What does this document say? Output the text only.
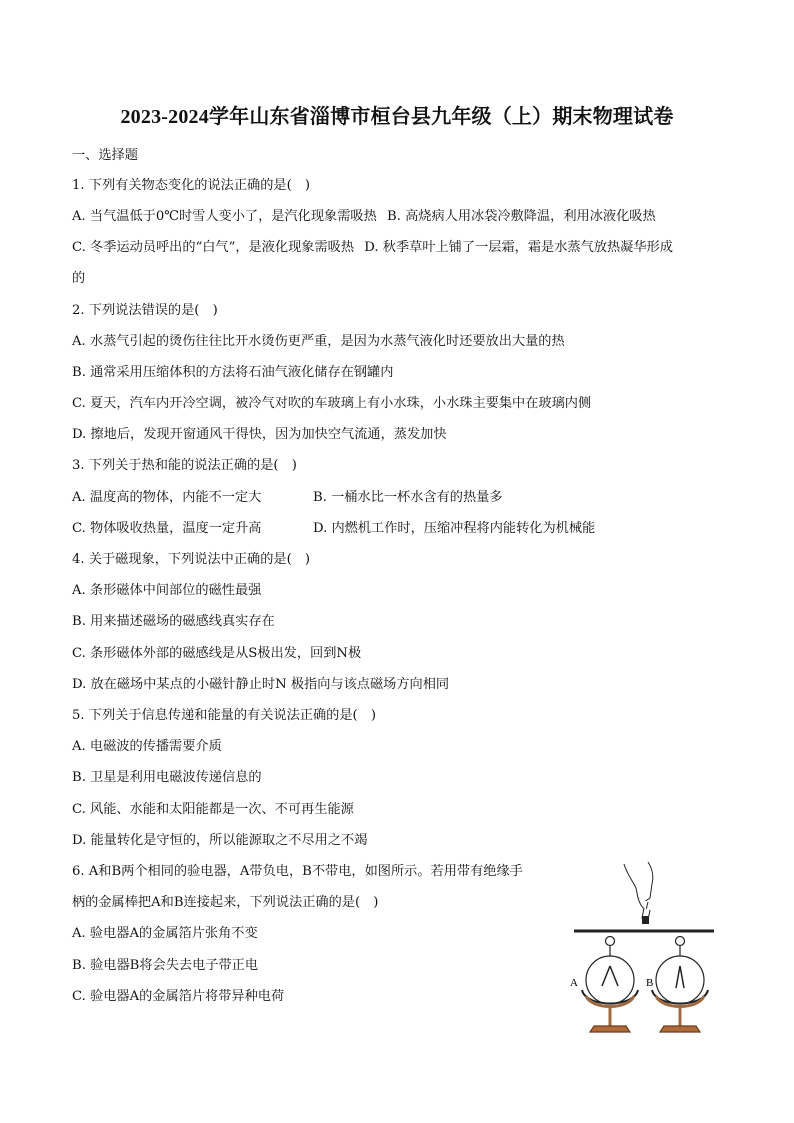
2023-2024学年山东省淄博市桓台县九年级（上）期末物理试卷
一、选择题
1. 下列有关物态变化的说法正确的是(　)
A. 当气温低于0℃时雪人变小了，是汽化现象需吸热 B. 高烧病人用冰袋冷敷降温，利用冰液化吸热
C. 冬季运动员呼出的“白气”，是液化现象需吸热 D. 秋季草叶上铺了一层霜，霜是水蒸气放热凝华形成
的
2. 下列说法错误的是(　)
A. 水蒸气引起的烫伤往往比开水烫伤更严重，是因为水蒸气液化时还要放出大量的热
B. 通常采用压缩体积的方法将石油气液化储存在钢罐内
C. 夏天，汽车内开冷空调，被冷气对吹的车玻璃上有小水珠，小水珠主要集中在玻璃内侧
D. 擦地后，发现开窗通风干得快，因为加快空气流通，蒸发加快
3. 下列关于热和能的说法正确的是(　)
A. 温度高的物体，内能不一定大	B. 一桶水比一杯水含有的热量多
C. 物体吸收热量，温度一定升高	D. 内燃机工作时，压缩冲程将内能转化为机械能
4. 关于磁现象，下列说法中正确的是(　)
A. 条形磁体中间部位的磁性最强
B. 用来描述磁场的磁感线真实存在
C. 条形磁体外部的磁感线是从S极出发，回到N极
D. 放在磁场中某点的小磁针静止时N 极指向与该点磁场方向相同
5. 下列关于信息传递和能量的有关说法正确的是(　)
A. 电磁波的传播需要介质
B. 卫星是利用电磁波传递信息的
C. 风能、水能和太阳能都是一次、不可再生能源
D. 能量转化是守恒的，所以能源取之不尽用之不竭
6. A和B两个相同的验电器，A带负电，B不带电，如图所示。若用带有绝缘手
柄的金属棒把A和B连接起来，下列说法正确的是(　)
A. 验电器A的金属箔片张角不变
B. 验电器B将会失去电子带正电
C. 验电器A的金属箔片将带异种电荷
A	B
